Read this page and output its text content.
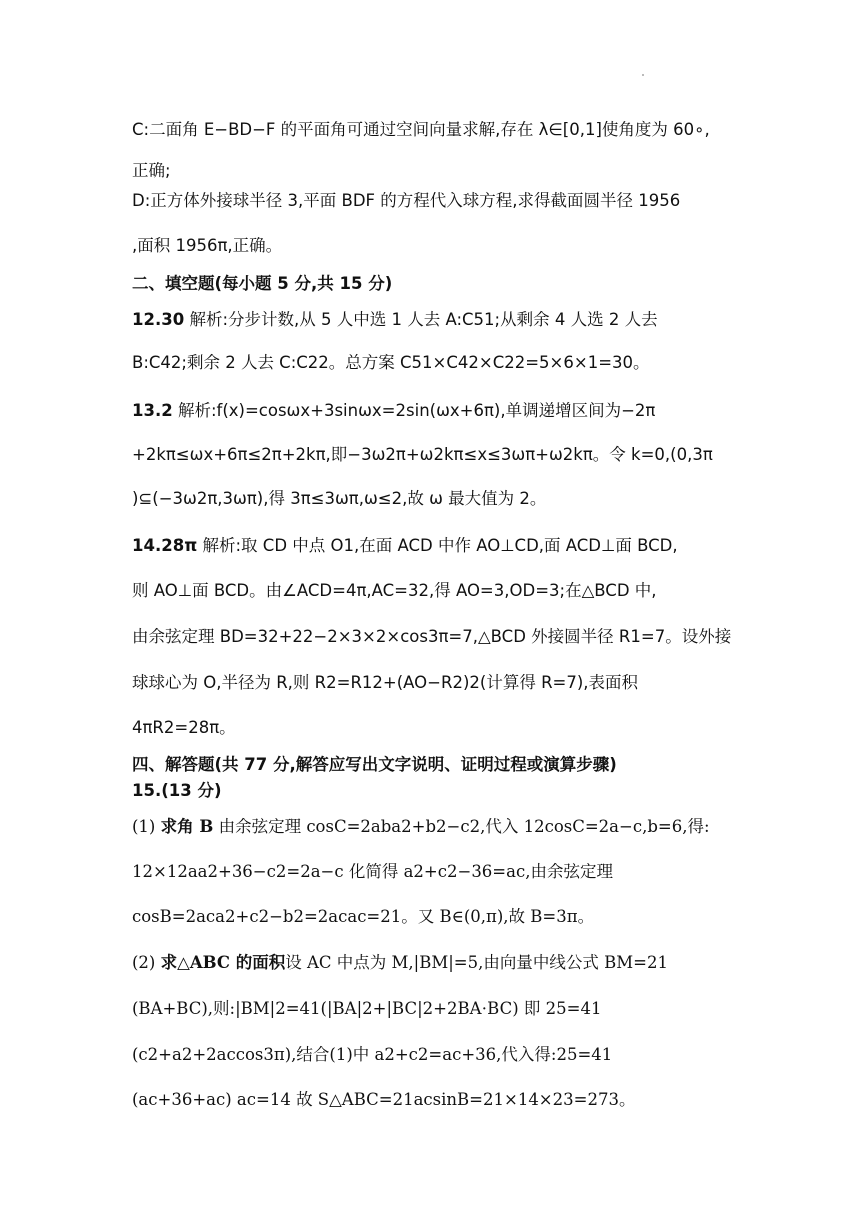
C:二面角 E−BD−F 的平面角可通过空间向量求解,存在 λ∈[0,1]使角度为 60∘,
正确;
D:正方体外接球半径 3,平面 BDF 的方程代入球方程,求得截面圆半径 1956
,面积 1956π,正确。
二、填空题(每小题 5 分,共 15 分)
12.30 解析:分步计数,从 5 人中选 1 人去 A:C51;从剩余 4 人选 2 人去
B:C42;剩余 2 人去 C:C22。总方案 C51×C42×C22=5×6×1=30。
13.2 解析:f(x)=cosωx+3sinωx=2sin(ωx+6π),单调递增区间为−2π
+2kπ≤ωx+6π≤2π+2kπ,即−3ω2π+ω2kπ≤x≤3ωπ+ω2kπ。令 k=0,(0,3π
)⊆(−3ω2π,3ωπ),得 3π≤3ωπ,ω≤2,故 ω 最大值为 2。
14.28π 解析:取 CD 中点 O1,在面 ACD 中作 AO⊥CD,面 ACD⊥面 BCD,
则 AO⊥面 BCD。由∠ACD=4π,AC=32,得 AO=3,OD=3;在△BCD 中,
由余弦定理 BD=32+22−2×3×2×cos3π=7,△BCD 外接圆半径 R1=7。设外接
球球心为 O,半径为 R,则 R2=R12+(AO−R2)2(计算得 R=7),表面积
4πR2=28π。
四、解答题(共 77 分,解答应写出文字说明、证明过程或演算步骤)
15.(13 分)
(1) 求角 B 由余弦定理 cosC=2aba2+b2−c2,代入 12cosC=2a−c,b=6,得:
12×12aa2+36−c2=2a−c 化简得 a2+c2−36=ac,由余弦定理
cosB=2aca2+c2−b2=2acac=21。又 B∈(0,π),故 B=3π。
(2) 求△ABC 的面积设 AC 中点为 M,|BM|=5,由向量中线公式 BM=21
(BA+BC),则:|BM|2=41(|BA|2+|BC|2+2BA⋅BC) 即 25=41
(c2+a2+2accos3π),结合(1)中 a2+c2=ac+36,代入得:25=41
(ac+36+ac) ac=14 故 S△ABC=21acsinB=21×14×23=273。
